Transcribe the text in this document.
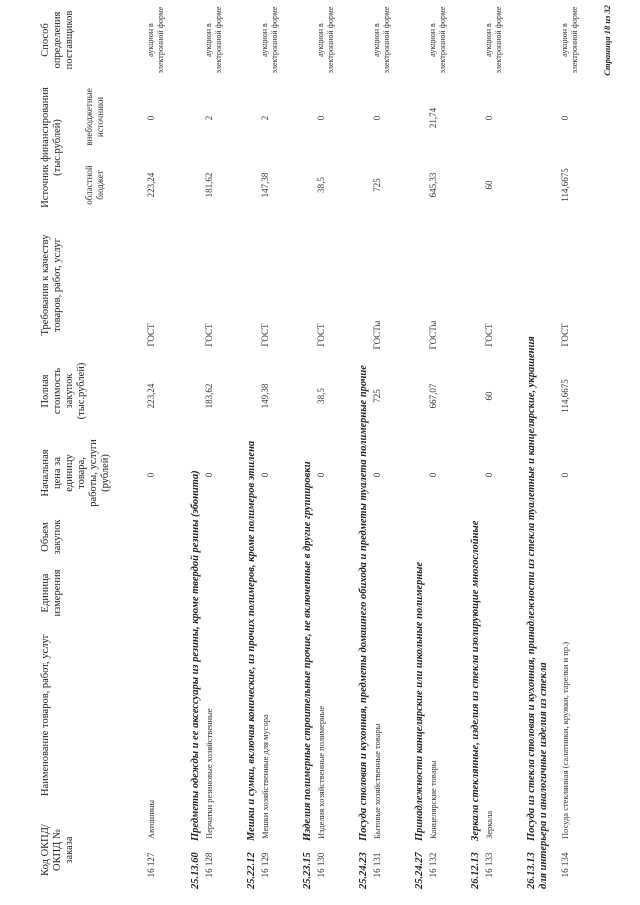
Код ОКПД/ ОКПД № заказа
Наименование товаров, работ, услуг
Единица измерения
Объем закупок
Начальная цена за единицу товара, работы, услуги (рублей)
Полная стоимость закупок (тыс.рублей)
Требования к качеству товаров, работ, услуг
Источник финансирования (тыс.рублей)
областной бюджет
внебюджетные источники
Способ определения поставщиков
16 127
Автошины
0
223,24
ГОСТ
223,24
0
аукцион в электронной форме
25.13.60Предметы одежды и ее аксессуары из резины, кроме твердой резины (эбонита)
16 128
Перчатки резиновые хозяйственные
0
183,62
ГОСТ
181,62
2
аукцион в электронной форме
25.22.12Мешки и сумки, включая конические, из прочих полимеров, кроме полимеров этилена
16 129
Мешки хозяйственные для мусора
0
149,38
ГОСТ
147,38
2
аукцион в электронной форме
25.23.15Изделия полимерные строительные прочие, не включенные в другие группировки
16 130
Изделия хозяйственные полимерные
0
38,5
ГОСТ
38,5
0
аукцион в электронной форме
25.24.23Посуда столовая и кухонная, предметы домашнего обихода и предметы туалета полимерные прочие
16 131
Бытовые хозяйственные товары
0
725
ГОСТы
725
0
аукцион в электронной форме
25.24.27Принадлежности канцелярские или школьные полимерные
16 132
Канцелярские товары
0
667,07
ГОСТы
645,33
21,74
аукцион в электронной форме
26.12.13Зеркала стеклянные, изделия из стекла изолирующие многослойные
16 133
Зеркала
0
60
ГОСТ
60
0
аукцион в электронной форме
26.13.13Посуда из стекла столовая и кухонная, принадлежности из стекла туалетные и канцелярские, украшения для интерьера и аналогичные изделия из стекла 16 134
Посуда стеклянная (салатники, кружки, тарелки и пр.)
0
114,6675
ГОСТ
114,6675
0
аукцион в электронной форме	Страница 18 из 32
